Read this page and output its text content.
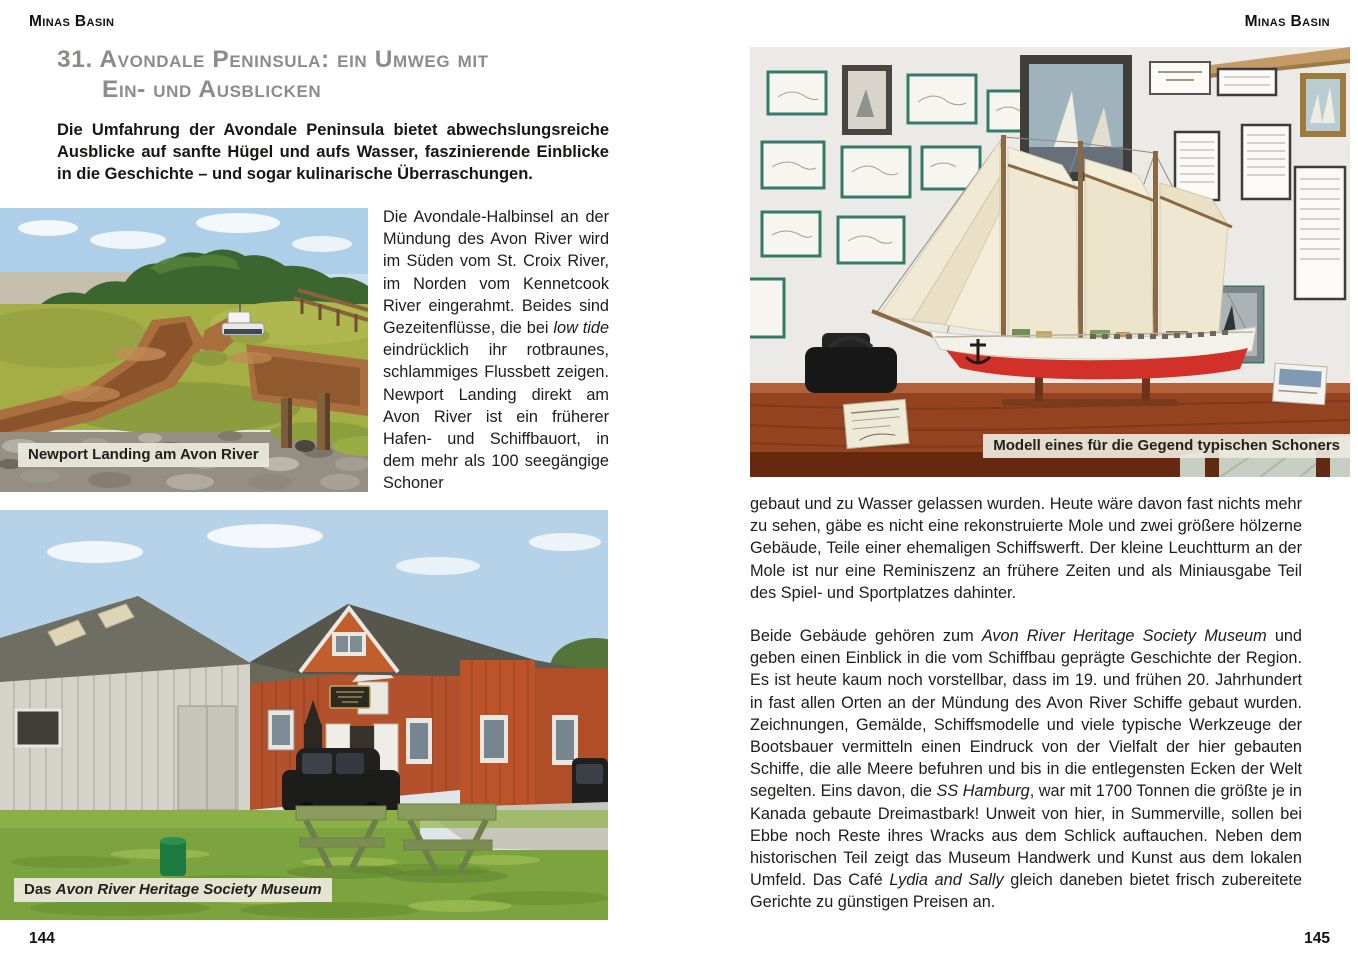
Minas Basin	Minas Basin
31. Avondale Peninsula: ein Umweg mit
Ein- und Ausblicken
Die Umfahrung der Avondale Peninsula bietet abwechslungsreiche Ausblicke auf sanfte Hügel und aufs Wasser, faszinierende Einblicke in die Geschichte – und sogar kulinarische Überraschungen.
Newport Landing am Avon River
Die Avondale-Halbinsel an der Mündung des Avon River wird im Süden vom St. Croix River, im Norden vom Kennetcook River eingerahmt. Beides sind Gezeitenflüsse, die bei low tide eindrücklich ihr rotbraunes, schlammiges Flussbett zeigen. Newport Landing direkt am Avon River ist ein früherer Hafen- und Schiffbauort, in dem mehr als 100 seegängige Schoner
Das Avon River Heritage Society Museum
144
Modell eines für die Gegend typischen Schoners
gebaut und zu Wasser gelassen wurden. Heute wäre davon fast nichts mehr zu sehen, gäbe es nicht eine rekonstruierte Mole und zwei größere hölzerne Gebäude, Teile einer ehemaligen Schiffswerft. Der kleine Leuchtturm an der Mole ist nur eine Reminiszenz an frühere Zeiten und als Miniausgabe Teil des Spiel- und Sportplatzes dahinter.
Beide Gebäude gehören zum Avon River Heritage Society Museum und geben einen Einblick in die vom Schiffbau geprägte Geschichte der Region. Es ist heute kaum noch vorstellbar, dass im 19. und frühen 20. Jahrhundert in fast allen Orten an der Mündung des Avon River Schiffe gebaut wurden. Zeichnungen, Gemälde, Schiffsmodelle und viele typische Werkzeuge der Bootsbauer vermitteln einen Eindruck von der Vielfalt der hier gebauten Schiffe, die alle Meere befuhren und bis in die entlegensten Ecken der Welt segelten. Eins davon, die SS Hamburg, war mit 1700 Tonnen die größte je in Kanada gebaute Dreimastbark! Unweit von hier, in Summerville, sollen bei Ebbe noch Reste ihres Wracks aus dem Schlick auftauchen. Neben dem historischen Teil zeigt das Museum Handwerk und Kunst aus dem lokalen Umfeld. Das Café Lydia and Sally gleich daneben bietet frisch zubereitete Gerichte zu günstigen Preisen an.
145
